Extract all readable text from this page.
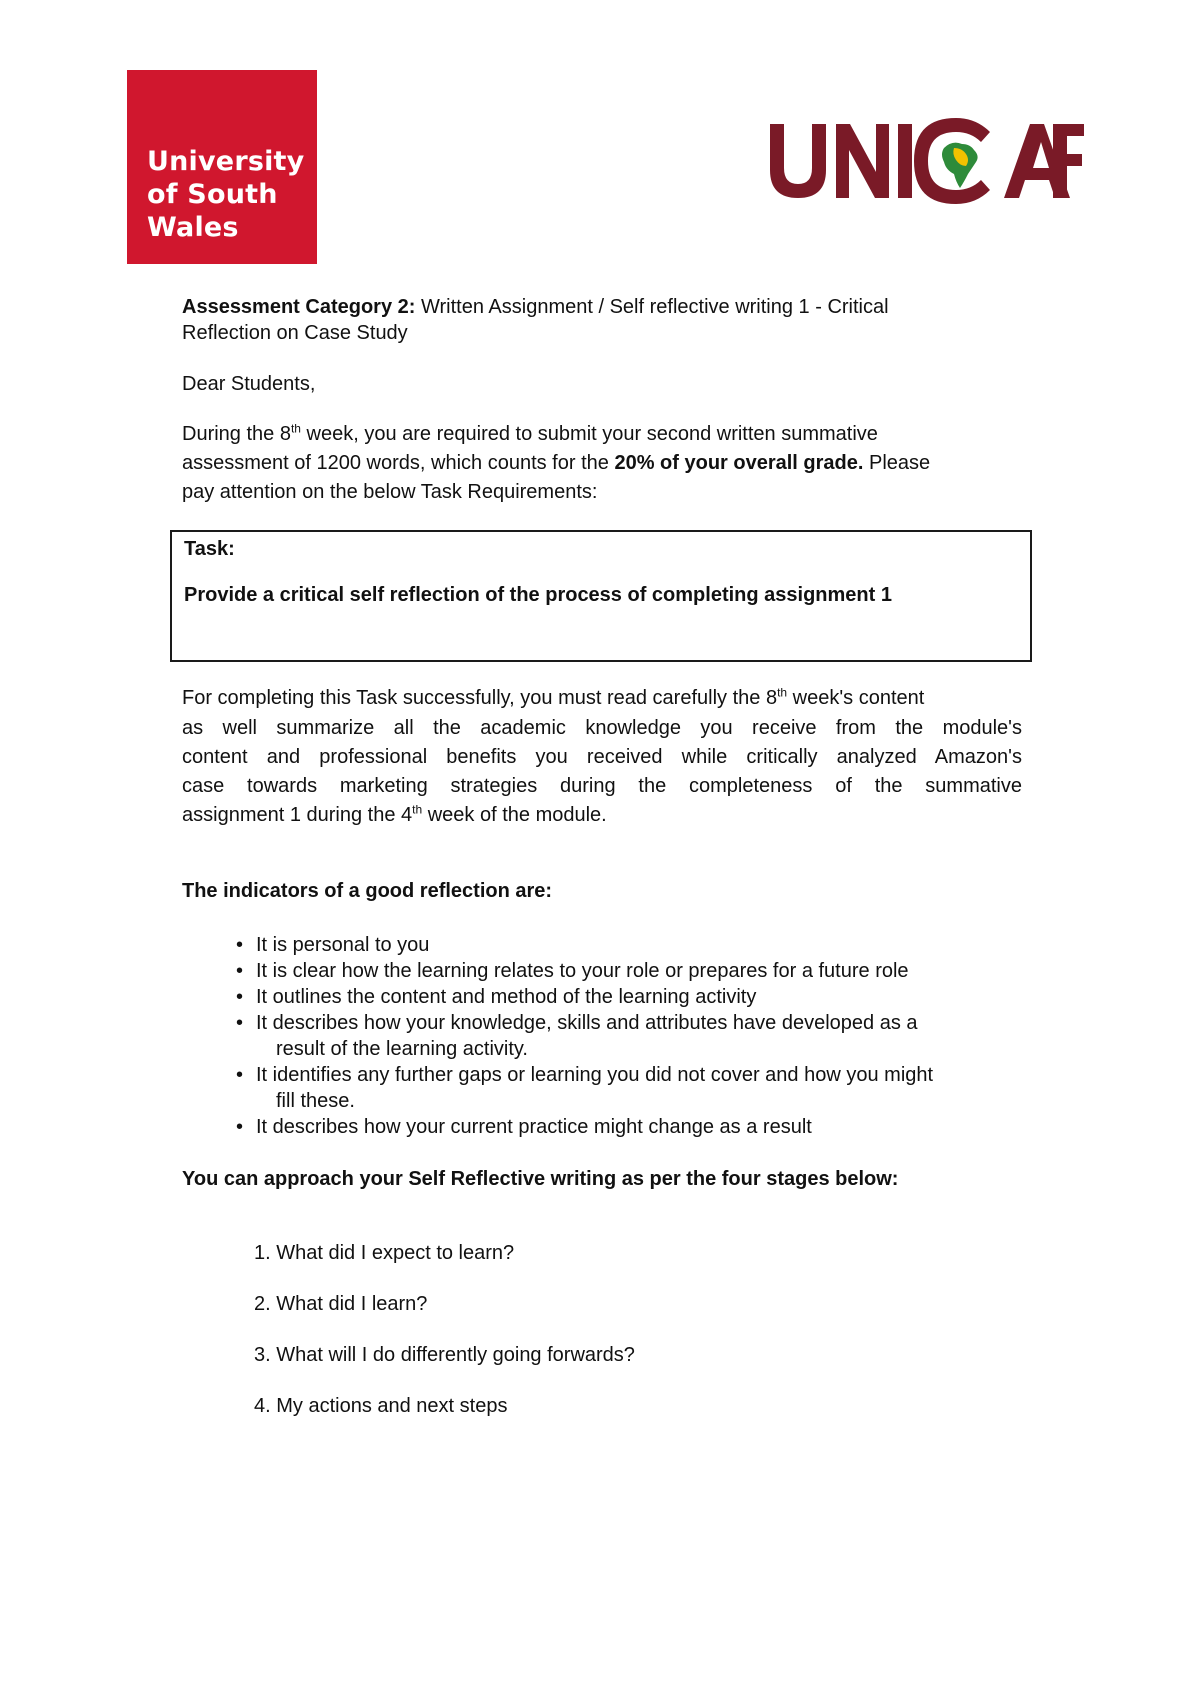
University
of South
Wales
Assessment Category 2: Written Assignment / Self reflective writing 1 - Critical
Reflection on Case Study
Dear Students,
During the 8th week, you are required to submit your second written summative
assessment of 1200 words, which counts for the 20% of your overall grade. Please
pay attention on the below Task Requirements:
Task:
Provide a critical self reflection of the process of completing assignment 1
For completing this Task successfully, you must read carefully the 8th week's content
as well summarize all the academic knowledge you receive from the module's
content and professional benefits you received while critically analyzed Amazon's
case towards marketing strategies during the completeness of the summative
assignment 1 during the 4th week of the module.
The indicators of a good reflection are:
• It is personal to you
• It is clear how the learning relates to your role or prepares for a future role
• It outlines the content and method of the learning activity
• It describes how your knowledge, skills and attributes have developed as a
result of the learning activity.
• It identifies any further gaps or learning you did not cover and how you might
fill these.
• It describes how your current practice might change as a result
You can approach your Self Reflective writing as per the four stages below:
1. What did I expect to learn?
2. What did I learn?
3. What will I do differently going forwards?
4. My actions and next steps
